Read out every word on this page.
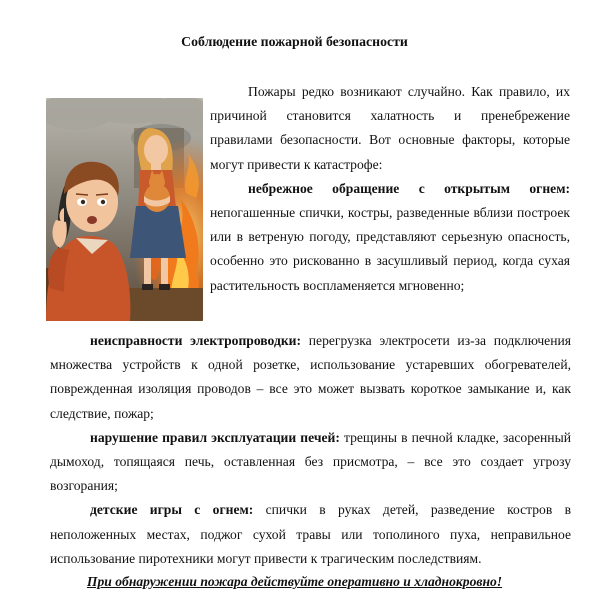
Соблюдение пожарной безопасности

Пожары редко возникают случайно. Как правило, их причиной становится халатность и пренебрежение правилами безопасности. Вот основные факторы, которые могут привести к катастрофе:

небрежное обращение с открытым огнем: непогашенные спички, костры, разведенные вблизи построек или в ветреную погоду, представляют серьезную опасность, особенно это рискованно в засушливый период, когда сухая растительность воспламеняется мгновенно;

неисправности электропроводки: перегрузка электросети из-за подключения множества устройств к одной розетке, использование устаревших обогревателей, поврежденная изоляция проводов – все это может вызвать короткое замыкание и, как следствие, пожар;

нарушение правил эксплуатации печей: трещины в печной кладке, засоренный дымоход, топящаяся печь, оставленная без присмотра, – все это создает угрозу возгорания;

детские игры с огнем: спички в руках детей, разведение костров в неположенных местах, поджог сухой травы или тополиного пуха, неправильное использование пиротехники могут привести к трагическим последствиям.

При обнаружении пожара действуйте оперативно и хладнокровно!
